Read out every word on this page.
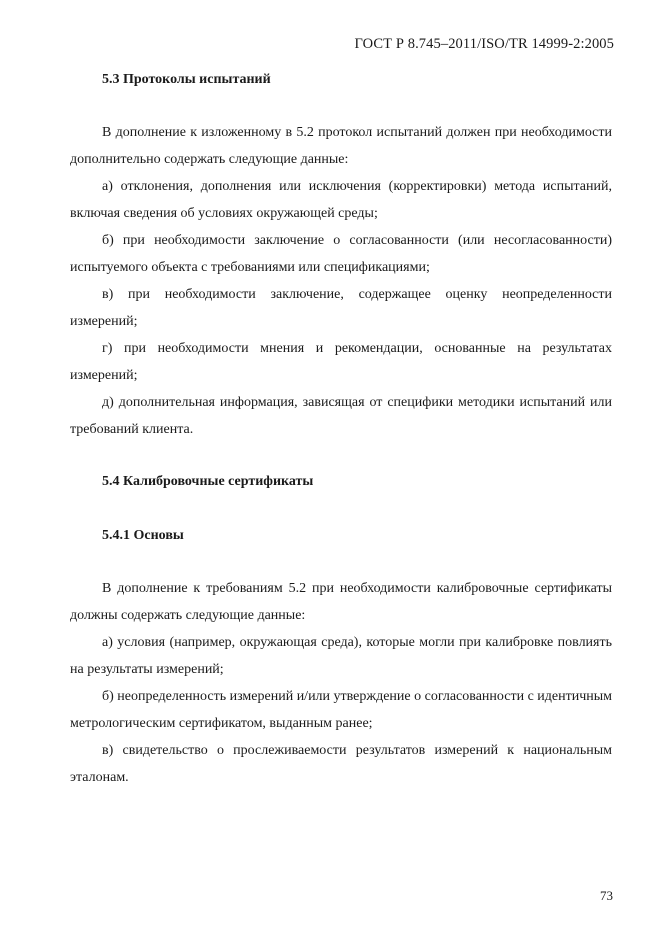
ГОСТ Р 8.745–2011/ISO/TR 14999-2:2005
5.3 Протоколы испытаний

В дополнение к изложенному в 5.2 протокол испытаний должен при необходимости дополнительно содержать следующие данные:

а) отклонения, дополнения или исключения (корректировки) метода испытаний, включая сведения об условиях окружающей среды;

б) при необходимости заключение о согласованности (или несогласованности) испытуемого объекта с требованиями или спецификациями;

в) при необходимости заключение, содержащее оценку неопределенности измерений;

г) при необходимости мнения и рекомендации, основанные на результатах измерений;

д) дополнительная информация, зависящая от специфики методики испытаний или требований клиента.

5.4 Калибровочные сертификаты
5.4.1 Основы

В дополнение к требованиям 5.2 при необходимости калибровочные сертификаты должны содержать следующие данные:

а) условия (например, окружающая среда), которые могли при калибровке повлиять на результаты измерений;

б) неопределенность измерений и/или утверждение о согласованности с идентичным метрологическим сертификатом, выданным ранее;

в) свидетельство о прослеживаемости результатов измерений к национальным эталонам.

73
